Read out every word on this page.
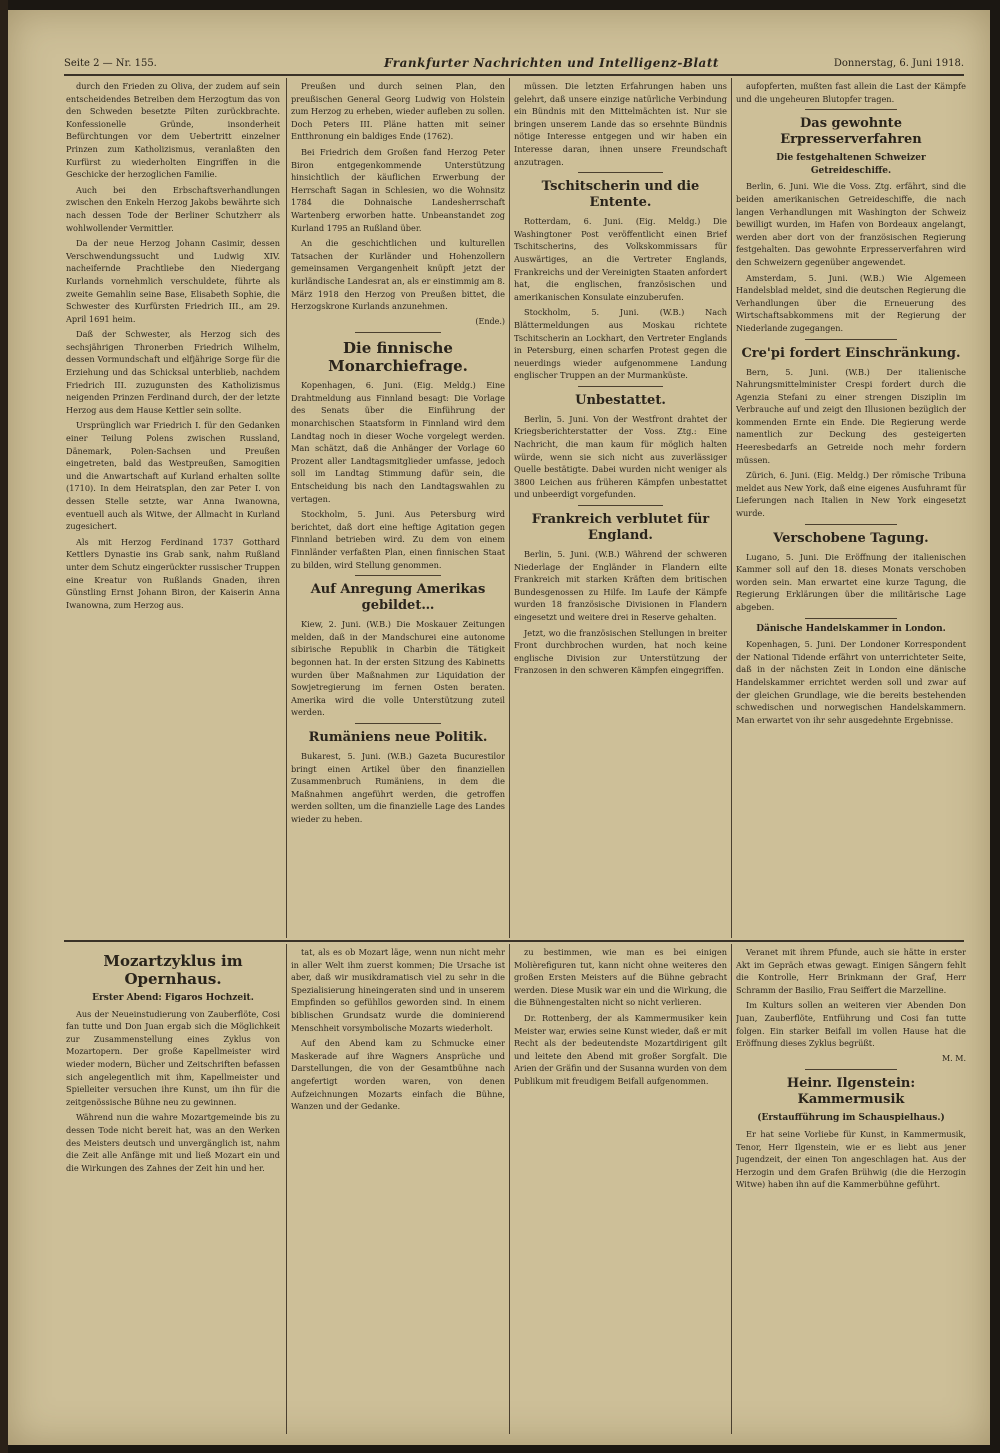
Seite 2 — Nr. 155.	Frankfurter Nachrichten und Intelligenz-Blatt	Donnerstag, 6. Juni 1918.

durch den Frieden zu Oliva, der zudem auf sein entscheidendes Betreiben dem Herzogtum das von den Schweden besetzte Pilten zurückbrachte. Konfessionelle Gründe, insonderheit Befürchtungen vor dem Uebertritt einzelner Prinzen zum Katholizismus, veranlaßten den Kurfürst zu wiederholten Eingriffen in die Geschicke der herzoglichen Familie.

Auch bei den Erbschaftsverhandlungen zwischen den Enkeln Herzog Jakobs bewährte sich nach dessen Tode der Berliner Schutzherr als wohlwollender Vermittler.

Da der neue Herzog Johann Casimir, dessen Verschwendungssucht und Ludwig XIV. nacheifernde Prachtliebe den Niedergang Kurlands vornehmlich verschuldete, führte als zweite Gemahlin seine Base, Elisabeth Sophie, die Schwester des Kurfürsten Friedrich III., am 29. April 1691 heim.

Daß der Schwester, als Herzog sich des sechsjährigen Thronerben Friedrich Wilhelm, dessen Vormundschaft und elfjährige Sorge für die Erziehung und das Schicksal unterblieb, nachdem Friedrich III. zuzugunsten des Katholizismus neigenden Prinzen Ferdinand durch, der der letzte Herzog aus dem Hause Kettler sein sollte.

Ursprünglich war Friedrich I. für den Gedanken einer Teilung Polens zwischen Russland, Dänemark, Polen-Sachsen und Preußen eingetreten, bald das Westpreußen, Samogitien und die Anwartschaft auf Kurland erhalten sollte (1710). In dem Heiratsplan, den zar Peter I. von dessen Stelle setzte, war Anna Iwanowna, eventuell auch als Witwe, der Allmacht in Kurland zugesichert.

Als mit Herzog Ferdinand 1737 Gotthard Kettlers Dynastie ins Grab sank, nahm Rußland unter dem Schutz eingerückter russischer Truppen eine Kreatur von Rußlands Gnaden, ihren Günstling Ernst Johann Biron, der Kaiserin Anna Iwanowna, zum Herzog aus.

Preußen und durch seinen Plan, den preußischen General Georg Ludwig von Holstein zum Herzog zu erheben, wieder aufleben zu sollen. Doch Peters III. Pläne hatten mit seiner Entthronung ein baldiges Ende (1762).

Bei Friedrich dem Großen fand Herzog Peter Biron entgegenkommende Unterstützung hinsichtlich der käuflichen Erwerbung der Herrschaft Sagan in Schlesien, wo die Wohnsitz 1784 die Dohnaische Landesherrschaft Wartenberg erworben hatte. Unbeanstandet zog Kurland 1795 an Rußland über.

An die geschichtlichen und kulturellen Tatsachen der Kurländer und Hohenzollern gemeinsamen Vergangenheit knüpft jetzt der kurländische Landesrat an, als er einstimmig am 8. März 1918 den Herzog von Preußen bittet, die Herzogskrone Kurlands anzunehmen.

(Ende.)

Die finnische Monarchiefrage.

Kopenhagen, 6. Juni. (Eig. Meldg.) Eine Drahtmeldung aus Finnland besagt: Die Vorlage des Senats über die Einführung der monarchischen Staatsform in Finnland wird dem Landtag noch in dieser Woche vorgelegt werden. Man schätzt, daß die Anhänger der Vorlage 60 Prozent aller Landtagsmitglieder umfasse, jedoch soll im Landtag Stimmung dafür sein, die Entscheidung bis nach den Landtagswahlen zu vertagen.

Stockholm, 5. Juni. Aus Petersburg wird berichtet, daß dort eine heftige Agitation gegen Finnland betrieben wird. Zu dem von einem Finnländer verfaßten Plan, einen finnischen Staat zu bilden, wird Stellung genommen.

Auf Anregung Amerikas gebildet…

Kiew, 2. Juni. (W.B.) Die Moskauer Zeitungen melden, daß in der Mandschurei eine autonome sibirische Republik in Charbin die Tätigkeit begonnen hat. In der ersten Sitzung des Kabinetts wurden über Maßnahmen zur Liquidation der Sowjetregierung im fernen Osten beraten. Amerika wird die volle Unterstützung zuteil werden.

Rumäniens neue Politik.

Bukarest, 5. Juni. (W.B.) Gazeta Bucurestilor bringt einen Artikel über den finanziellen Zusammenbruch Rumäniens, in dem die Maßnahmen angeführt werden, die getroffen werden sollten, um die finanzielle Lage des Landes wieder zu heben.

müssen. Die letzten Erfahrungen haben uns gelehrt, daß unsere einzige natürliche Verbindung ein Bündnis mit den Mittelmächten ist. Nur sie bringen unserem Lande das so ersehnte Bündnis nötige Interesse entgegen und wir haben ein Interesse daran, ihnen unsere Freundschaft anzutragen.

Tschitscherin und die Entente.

Rotterdam, 6. Juni. (Eig. Meldg.) Die Washingtoner Post veröffentlicht einen Brief Tschitscherins, des Volkskommissars für Auswärtiges, an die Vertreter Englands, Frankreichs und der Vereinigten Staaten anfordert hat, die englischen, französischen und amerikanischen Konsulate einzuberufen.

Stockholm, 5. Juni. (W.B.) Nach Blättermeldungen aus Moskau richtete Tschitscherin an Lockhart, den Vertreter Englands in Petersburg, einen scharfen Protest gegen die neuerdings wieder aufgenommene Landung englischer Truppen an der Murmanküste.

Unbestattet.

Berlin, 5. Juni. Von der Westfront drahtet der Kriegsberichterstatter der Voss. Ztg.: Eine Nachricht, die man kaum für möglich halten würde, wenn sie sich nicht aus zuverlässiger Quelle bestätigte. Dabei wurden nicht weniger als 3800 Leichen aus früheren Kämpfen unbestattet und unbeerdigt vorgefunden.

Frankreich verblutet für England.

Berlin, 5. Juni. (W.B.) Während der schweren Niederlage der Engländer in Flandern eilte Frankreich mit starken Kräften dem britischen Bundesgenossen zu Hilfe. Im Laufe der Kämpfe wurden 18 französische Divisionen in Flandern eingesetzt und weitere drei in Reserve gehalten.

Jetzt, wo die französischen Stellungen in breiter Front durchbrochen wurden, hat noch keine englische Division zur Unterstützung der Franzosen in den schweren Kämpfen eingegriffen.

aufopferten, mußten fast allein die Last der Kämpfe und die ungeheuren Blutopfer tragen.

Das gewohnte Erpresserverfahren
Die festgehaltenen Schweizer Getreideschiffe.

Berlin, 6. Juni. Wie die Voss. Ztg. erfährt, sind die beiden amerikanischen Getreideschiffe, die nach langen Verhandlungen mit Washington der Schweiz bewilligt wurden, im Hafen von Bordeaux angelangt, werden aber dort von der französischen Regierung festgehalten. Das gewohnte Erpresserverfahren wird den Schweizern gegenüber angewendet.

Amsterdam, 5. Juni. (W.B.) Wie Algemeen Handelsblad meldet, sind die deutschen Regierung die Verhandlungen über die Erneuerung des Wirtschaftsabkommens mit der Regierung der Niederlande zugegangen.

Cre'pi fordert Einschränkung.

Bern, 5. Juni. (W.B.) Der italienische Nahrungsmittelminister Crespi fordert durch die Agenzia Stefani zu einer strengen Disziplin im Verbrauche auf und zeigt den Illusionen bezüglich der kommenden Ernte ein Ende. Die Regierung werde namentlich zur Deckung des gesteigerten Heeresbedarfs an Getreide noch mehr fordern müssen.

Zürich, 6. Juni. (Eig. Meldg.) Der römische Tribuna meldet aus New York, daß eine eigenes Ausfuhramt für Lieferungen nach Italien in New York eingesetzt wurde.

Verschobene Tagung.

Lugano, 5. Juni. Die Eröffnung der italienischen Kammer soll auf den 18. dieses Monats verschoben worden sein. Man erwartet eine kurze Tagung, die Regierung Erklärungen über die militärische Lage abgeben.

Dänische Handelskammer in London.

Kopenhagen, 5. Juni. Der Londoner Korrespondent der National Tidende erfährt von unterrichteter Seite, daß in der nächsten Zeit in London eine dänische Handelskammer errichtet werden soll und zwar auf der gleichen Grundlage, wie die bereits bestehenden schwedischen und norwegischen Handelskammern. Man erwartet von ihr sehr ausgedehnte Ergebnisse.

Mozartzyklus im Opernhaus.
Erster Abend: Figaros Hochzeit.

Aus der Neueinstudierung von Zauberflöte, Cosi fan tutte und Don Juan ergab sich die Möglichkeit zur Zusammenstellung eines Zyklus von Mozartopern. Der große Kapellmeister wird wieder modern, Bücher und Zeitschriften befassen sich angelegentlich mit ihm, Kapellmeister und Spielleiter versuchen ihre Kunst, um ihn für die zeitgenössische Bühne neu zu gewinnen.

Während nun die wahre Mozartgemeinde bis zu dessen Tode nicht bereit hat, was an den Werken des Meisters deutsch und unvergänglich ist, nahm die Zeit alle Anfänge mit und ließ Mozart ein und die Wirkungen des Zahnes der Zeit hin und her.

tat, als es ob Mozart läge, wenn nun nicht mehr in aller Welt ihm zuerst kommen; Die Ursache ist aber, daß wir musikdramatisch viel zu sehr in die Spezialisierung hineingeraten sind und in unserem Empfinden so gefühllos geworden sind. In einem biblischen Grundsatz wurde die dominierend Menschheit vorsymbolische Mozarts wiederholt.

Auf den Abend kam zu Schmucke einer Maskerade auf ihre Wagners Ansprüche und Darstellungen, die von der Gesamtbühne nach angefertigt worden waren, von denen Aufzeichnungen Mozarts einfach die Bühne, Wanzen und der Gedanke.

zu bestimmen, wie man es bei einigen Molièrefiguren tut, kann nicht ohne weiteres den großen Ersten Meisters auf die Bühne gebracht werden. Diese Musik war ein und die Wirkung, die die Bühnengestalten nicht so nicht verlieren.

Dr. Rottenberg, der als Kammermusiker kein Meister war, erwies seine Kunst wieder, daß er mit Recht als der bedeutendste Mozartdirigent gilt und leitete den Abend mit großer Sorgfalt. Die Arien der Gräfin und der Susanna wurden von dem Publikum mit freudigem Beifall aufgenommen.

Veranet mit ihrem Pfunde, auch sie hätte in erster Akt im Gepräch etwas gewagt. Einigen Sängern fehlt die Kontrolle, Herr Brinkmann der Graf, Herr Schramm der Basilio, Frau Seiffert die Marzelline.

Im Kulturs sollen an weiteren vier Abenden Don Juan, Zauberflöte, Entführung und Cosi fan tutte folgen. Ein starker Beifall im vollen Hause hat die Eröffnung dieses Zyklus begrüßt.

M. M.

Heinr. Ilgenstein: Kammermusik
(Erstaufführung im Schauspielhaus.)

Er hat seine Vorliebe für Kunst, in Kammermusik, Tenor, Herr Ilgenstein, wie er es liebt aus jener Jugendzeit, der einen Ton angeschlagen hat. Aus der Herzogin und dem Grafen Brühwig (die die Herzogin Witwe) haben ihn auf die Kammerbühne geführt.
